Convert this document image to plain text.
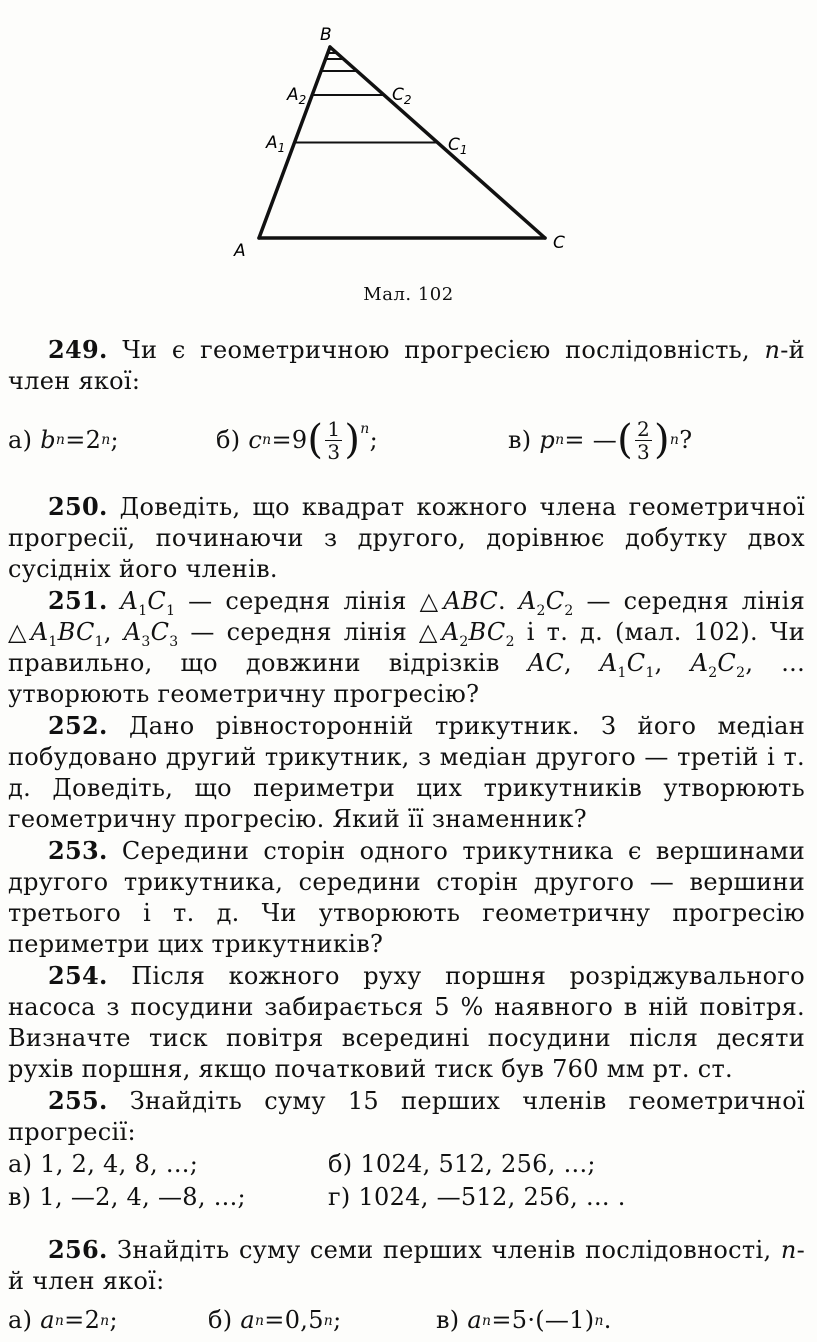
B
A	C
$A_1$
$A_2$
$C_1$
$C_2$
Мал. 102

249. Чи є геометричною прогресією послідовність, n-й член якої:

а)
b n =2 n ;	б)
c n =9 ( $\frac{1}{3}$ ) n ;	в)
p n = — ( $\frac{2}{3}$ ) n ?

250. Доведіть, що квадрат кожного члена геометричної прогресії, починаючи з другого, дорівнює добутку двох сусідніх його членів.

251. $A_1C_1$ — середня лінія △ABC. $A_2C_2$ — середня лінія $\triangle A_1BC_1$, $A_3C_3$ — середня лінія $\triangle A_2BC_2$ і т. д. (мал. 102). Чи правильно, що довжини відрізків AC, $A_1C_1$, $A_2C_2$, ... утворюють геометричну прогресію?

252. Дано рівносторонній трикутник. З його медіан побудовано другий трикутник, з медіан другого — третій і т. д. Доведіть, що периметри цих трикутників утворюють геометричну прогресію. Який її знаменник?

253. Середини сторін одного трикутника є вершинами другого трикутника, середини сторін другого — вершини третього і т. д. Чи утворюють геометричну прогресію периметри цих трикутників?

254. Після кожного руху поршня розріджувального насоса з посудини забирається 5 % наявного в ній повітря. Визначте тиск повітря всередині посудини після десяти рухів поршня, якщо початковий тиск був 760 мм рт. ст.

255. Знайдіть суму 15 перших членів геометричної прогресії:

а) 1, 2, 4, 8, ...;	б) 1024, 512, 256, ...;
в) 1, —2, 4, —8, ...;	г) 1024, —512, 256, ... .

256. Знайдіть суму семи перших членів послідовності, n-й член якої:

а)
a n =2 n ;	б)
a n =0,5 n ;	в)
a n =5·(—1) n .
